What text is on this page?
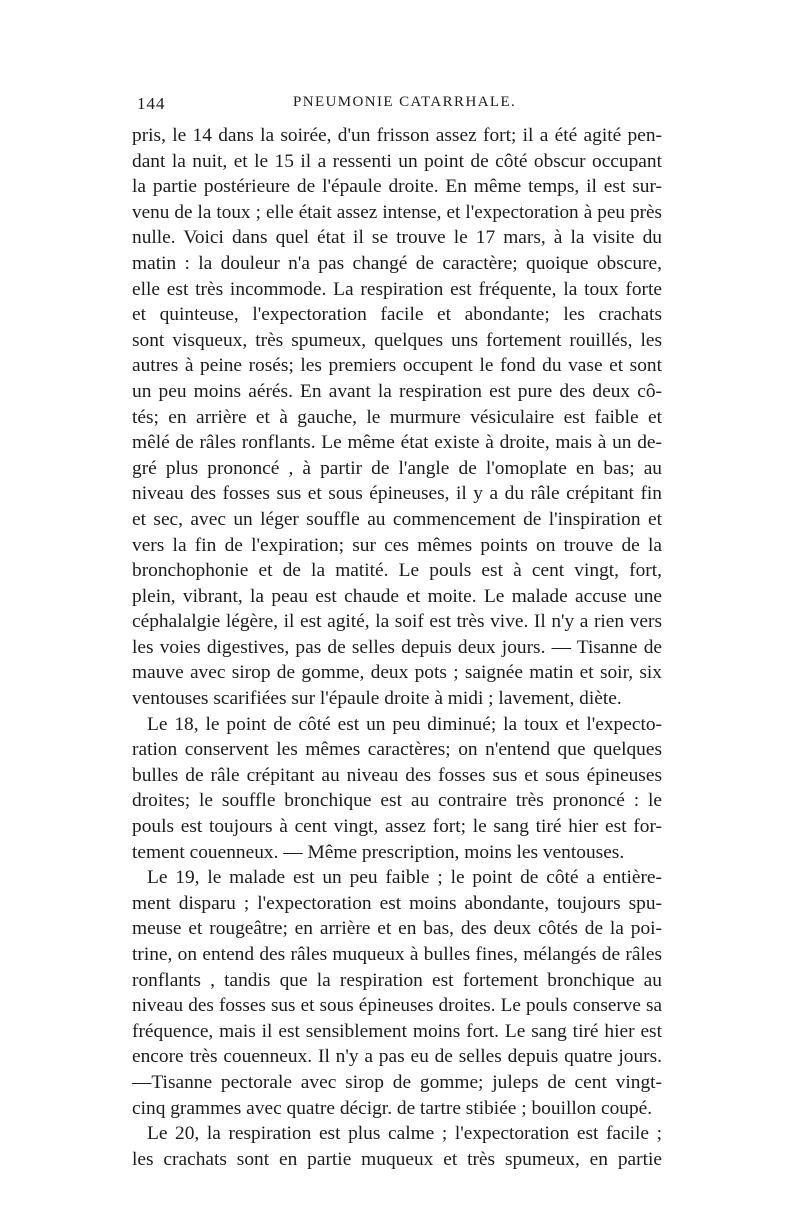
144	PNEUMONIE CATARRHALE.
pris, le 14 dans la soirée, d'un frisson assez fort; il a été agité pen-
dant la nuit, et le 15 il a ressenti un point de côté obscur occupant
la partie postérieure de l'épaule droite. En même temps, il est sur-
venu de la toux ; elle était assez intense, et l'expectoration à peu près
nulle. Voici dans quel état il se trouve le 17 mars, à la visite du
matin : la douleur n'a pas changé de caractère; quoique obscure,
elle est très incommode. La respiration est fréquente, la toux forte
et quinteuse, l'expectoration facile et abondante; les crachats
sont visqueux, très spumeux, quelques uns fortement rouillés, les
autres à peine rosés; les premiers occupent le fond du vase et sont
un peu moins aérés. En avant la respiration est pure des deux cô-
tés; en arrière et à gauche, le murmure vésiculaire est faible et
mêlé de râles ronflants. Le même état existe à droite, mais à un de-
gré plus prononcé , à partir de l'angle de l'omoplate en bas; au
niveau des fosses sus et sous épineuses, il y a du râle crépitant fin
et sec, avec un léger souffle au commencement de l'inspiration et
vers la fin de l'expiration; sur ces mêmes points on trouve de la
bronchophonie et de la matité. Le pouls est à cent vingt, fort,
plein, vibrant, la peau est chaude et moite. Le malade accuse une
céphalalgie légère, il est agité, la soif est très vive. Il n'y a rien vers
les voies digestives, pas de selles depuis deux jours. — Tisanne de
mauve avec sirop de gomme, deux pots ; saignée matin et soir, six
ventouses scarifiées sur l'épaule droite à midi ; lavement, diète.
Le 18, le point de côté est un peu diminué; la toux et l'expecto-
ration conservent les mêmes caractères; on n'entend que quelques
bulles de râle crépitant au niveau des fosses sus et sous épineuses
droites; le souffle bronchique est au contraire très prononcé : le
pouls est toujours à cent vingt, assez fort; le sang tiré hier est for-
tement couenneux. — Même prescription, moins les ventouses.
Le 19, le malade est un peu faible ; le point de côté a entière-
ment disparu ; l'expectoration est moins abondante, toujours spu-
meuse et rougeâtre; en arrière et en bas, des deux côtés de la poi-
trine, on entend des râles muqueux à bulles fines, mélangés de râles
ronflants , tandis que la respiration est fortement bronchique au
niveau des fosses sus et sous épineuses droites. Le pouls conserve sa
fréquence, mais il est sensiblement moins fort. Le sang tiré hier est
encore très couenneux. Il n'y a pas eu de selles depuis quatre jours.
—Tisanne pectorale avec sirop de gomme; juleps de cent vingt-
cinq grammes avec quatre décigr. de tartre stibiée ; bouillon coupé.
Le 20, la respiration est plus calme ; l'expectoration est facile ;
les crachats sont en partie muqueux et très spumeux, en partie
